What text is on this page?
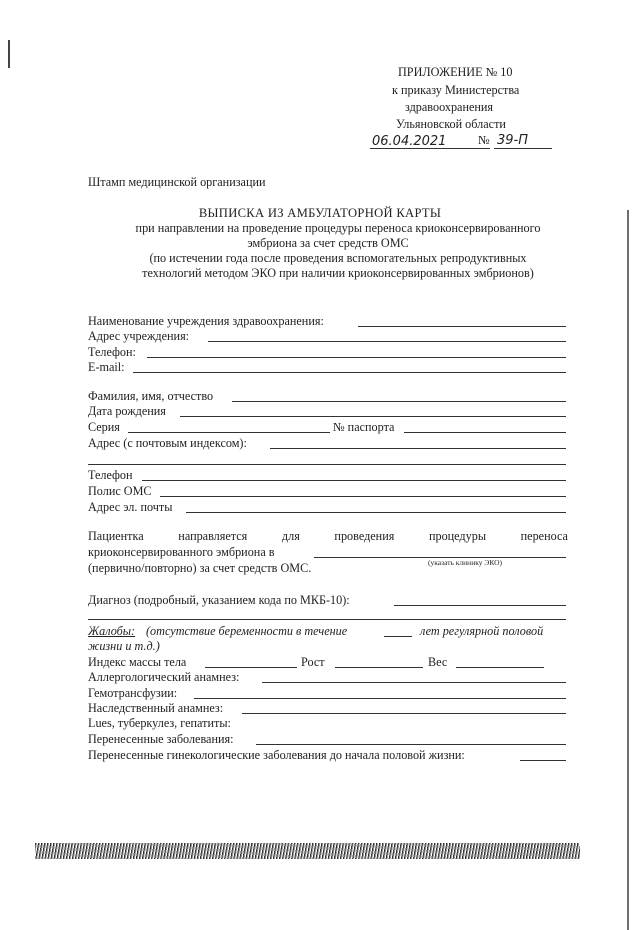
ПРИЛОЖЕНИЕ № 10
к приказу Министерства
здравоохранения
Ульяновской области
06.04.2021	№ 39-П
Штамп медицинской организации
ВЫПИСКА ИЗ АМБУЛАТОРНОЙ КАРТЫ
при направлении на проведение процедуры переноса криоконсервированного
эмбриона за счет средств ОМС
(по истечении года после проведения вспомогательных репродуктивных
технологий методом ЭКО при наличии криоконсервированных эмбрионов)
Наименование учреждения здравоохранения:
Адрес учреждения:
Телефон:
E-mail:
Фамилия, имя, отчество
Дата рождения
Серия	№ паспорта
Адрес (с почтовым индексом):
Телефон
Полис ОМС
Адрес эл. почты
Пациентка	направляется	для	проведения	процедуры	переноса
криоконсервированного эмбриона в
(указать клинику ЭКО)
(первично/повторно) за счет средств ОМС.
Диагноз (подробный, указанием кода по МКБ-10):
Жалобы: (отсутствие беременности в течение	лет регулярной половой
жизни и т.д.)
Индекс массы тела	Рост	Вес
Аллергологический анамнез:
Гемотрансфузии:
Наследственный анамнез:
Lues, туберкулез, гепатиты:
Перенесенные заболевания:
Перенесенные гинекологические заболевания до начала половой жизни:
